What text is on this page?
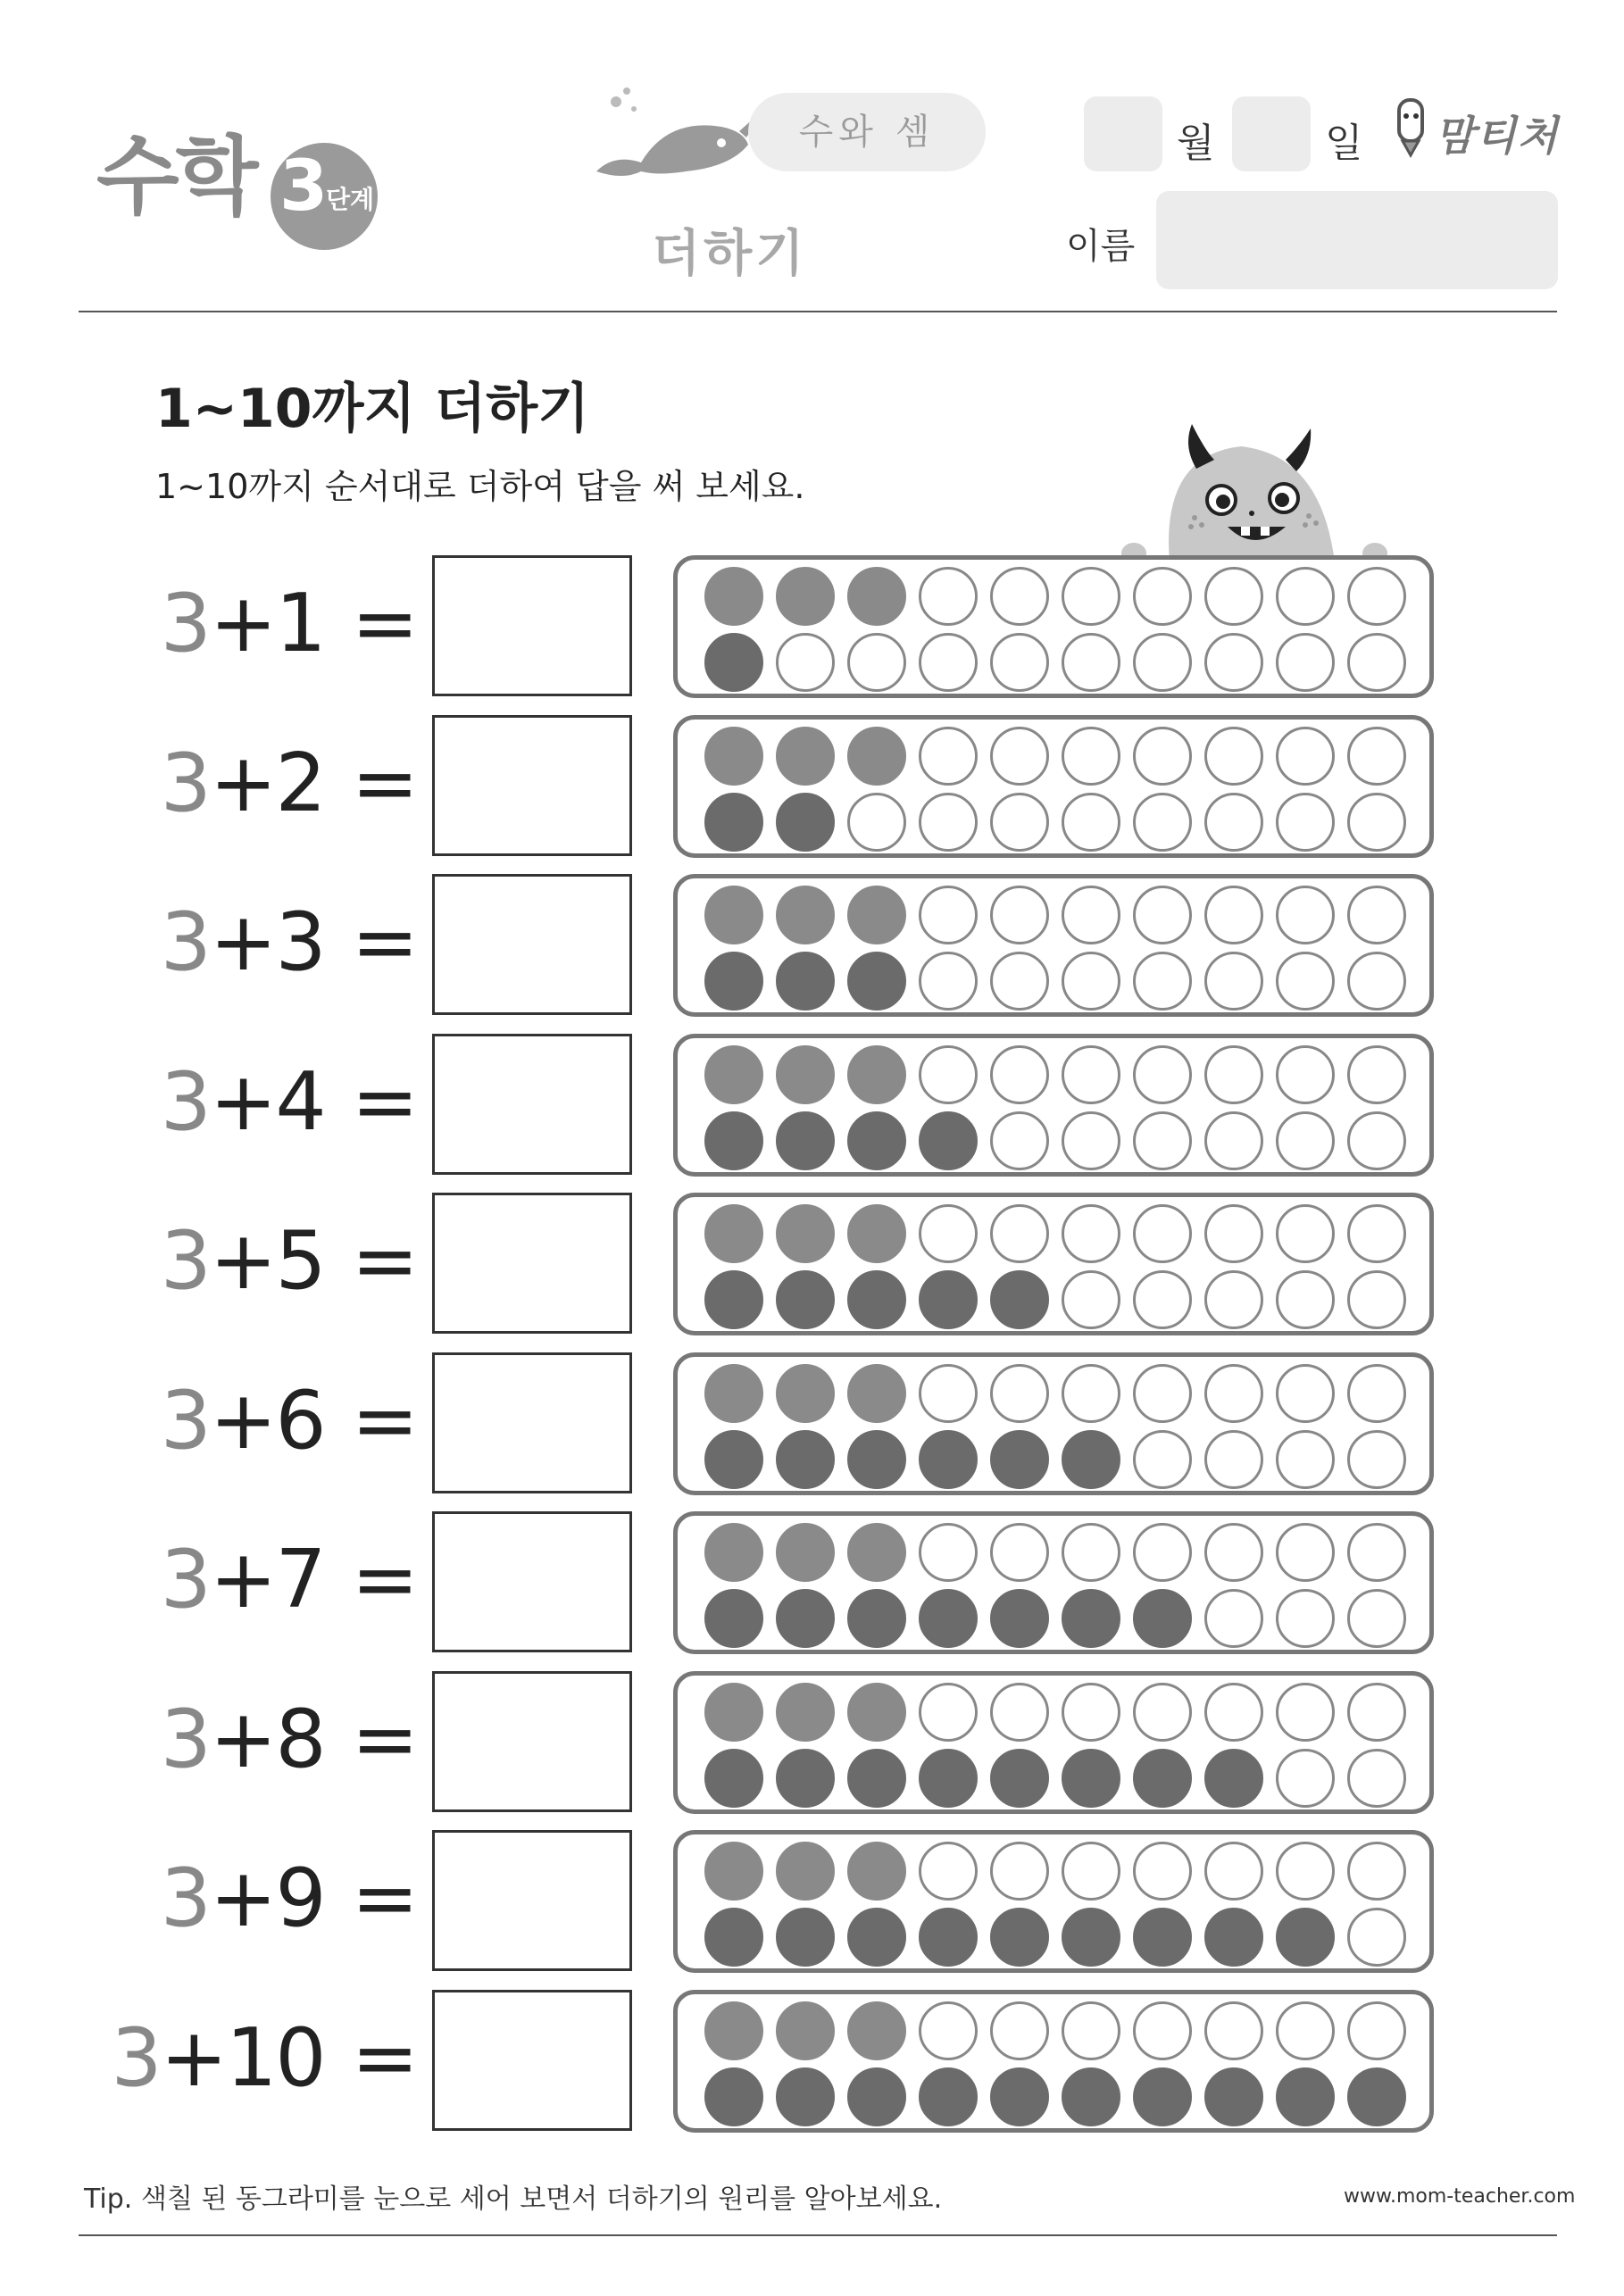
수학 3
단계
수와 셈
더하기
월	일 맘티처
이름
1~10까지 더하기
1~10까지 순서대로 더하여 답을 써 보세요.
3+1 =
3+2 =
3+3 =
3+4 =
3+5 =
3+6 =
3+7 =
3+8 =
3+9 =
3+10 =
Tip. 색칠 된 동그라미를 눈으로 세어 보면서 더하기의 원리를 알아보세요.	www.mom-teacher.com
